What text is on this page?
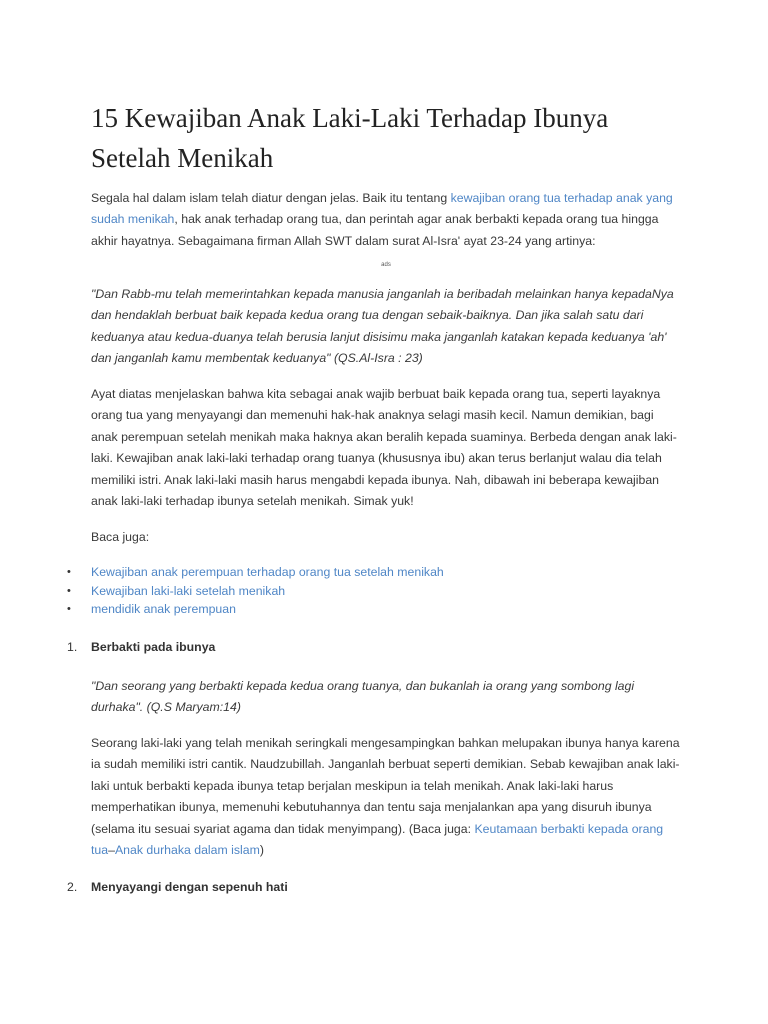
15 Kewajiban Anak Laki-Laki Terhadap Ibunya Setelah Menikah

Segala hal dalam islam telah diatur dengan jelas. Baik itu tentang kewajiban orang tua terhadap anak yang sudah menikah, hak anak terhadap orang tua, dan perintah agar anak berbakti kepada orang tua hingga akhir hayatnya. Sebagaimana firman Allah SWT dalam surat Al-Isra' ayat 23-24 yang artinya:

ads

"Dan Rabb-mu telah memerintahkan kepada manusia janganlah ia beribadah melainkan hanya kepadaNya dan hendaklah berbuat baik kepada kedua orang tua dengan sebaik-baiknya. Dan jika salah satu dari keduanya atau kedua-duanya telah berusia lanjut disisimu maka janganlah katakan kepada keduanya 'ah' dan janganlah kamu membentak keduanya" (QS.Al-Isra : 23)

Ayat diatas menjelaskan bahwa kita sebagai anak wajib berbuat baik kepada orang tua, seperti layaknya orang tua yang menyayangi dan memenuhi hak-hak anaknya selagi masih kecil. Namun demikian, bagi anak perempuan setelah menikah maka haknya akan beralih kepada suaminya. Berbeda dengan anak laki-laki. Kewajiban anak laki-laki terhadap orang tuanya (khususnya ibu) akan terus berlanjut walau dia telah memiliki istri. Anak laki-laki masih harus mengabdi kepada ibunya. Nah, dibawah ini beberapa kewajiban anak laki-laki terhadap ibunya setelah menikah. Simak yuk!

Baca juga:

• Kewajiban anak perempuan terhadap orang tua setelah menikah
• Kewajiban laki-laki setelah menikah
• mendidik anak perempuan
1. Berbakti pada ibunya

"Dan seorang yang berbakti kepada kedua orang tuanya, dan bukanlah ia orang yang sombong lagi durhaka". (Q.S Maryam:14)

Seorang laki-laki yang telah menikah seringkali mengesampingkan bahkan melupakan ibunya hanya karena ia sudah memiliki istri cantik. Naudzubillah. Janganlah berbuat seperti demikian. Sebab kewajiban anak laki-laki untuk berbakti kepada ibunya tetap berjalan meskipun ia telah menikah. Anak laki-laki harus memperhatikan ibunya, memenuhi kebutuhannya dan tentu saja menjalankan apa yang disuruh ibunya (selama itu sesuai syariat agama dan tidak menyimpang). (Baca juga: Keutamaan berbakti kepada orang tua–Anak durhaka dalam islam)

2. Menyayangi dengan sepenuh hati
